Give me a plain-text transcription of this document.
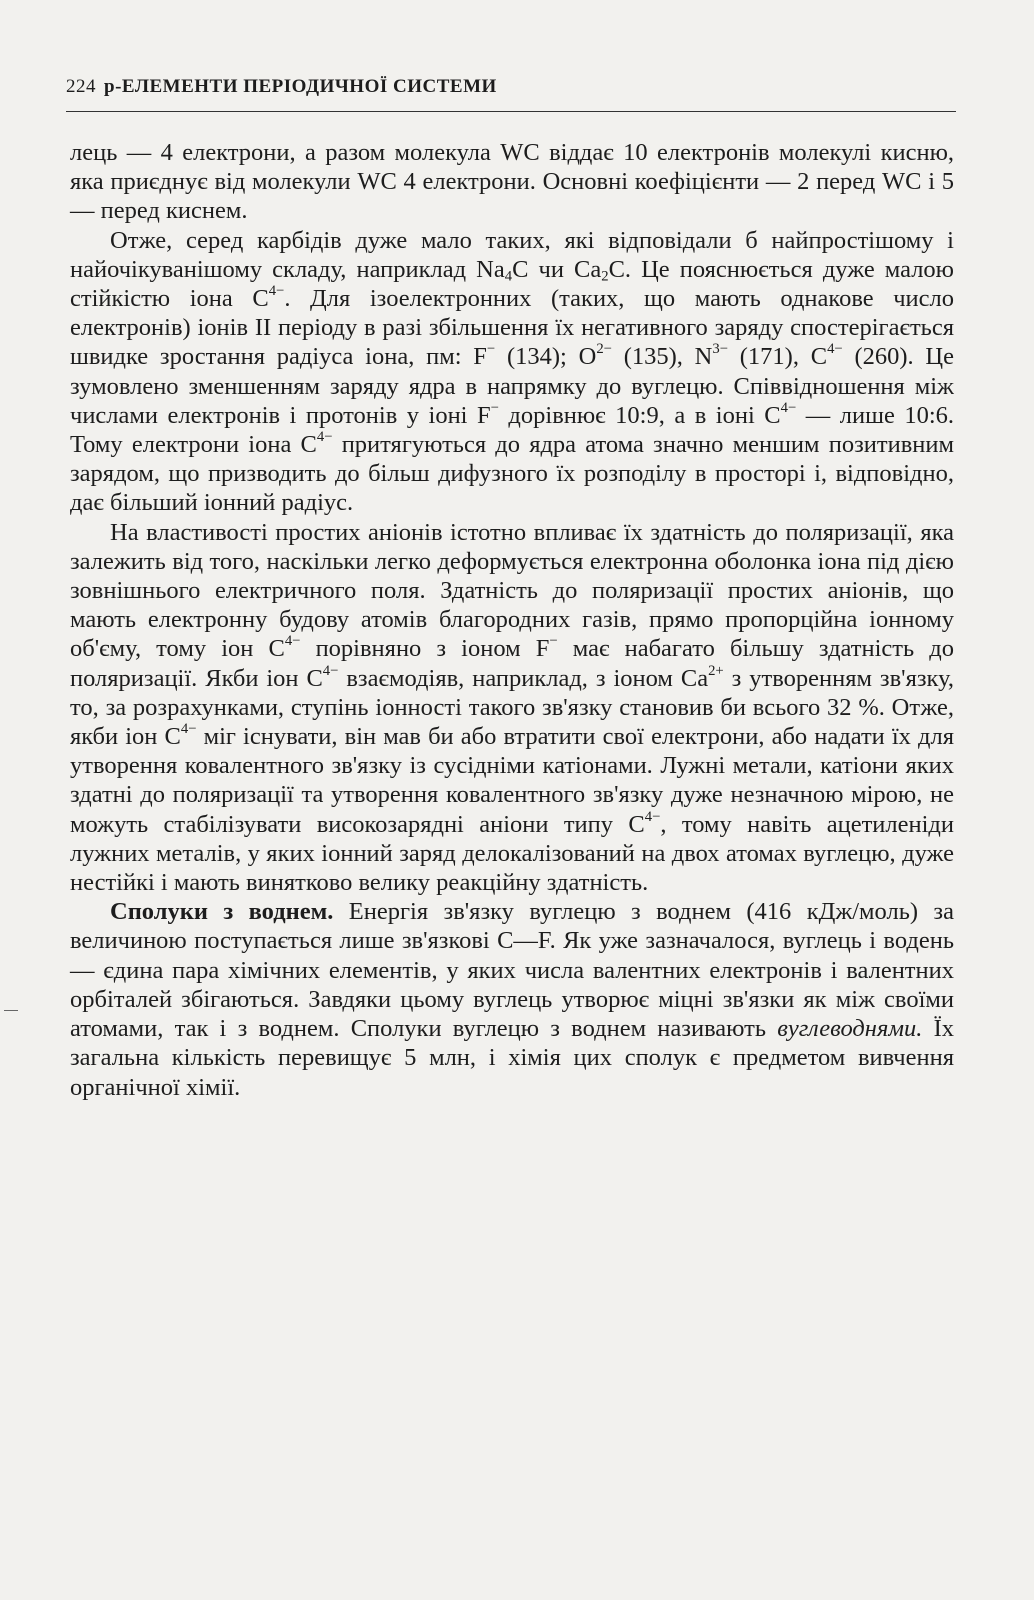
224 р-ЕЛЕМЕНТИ ПЕРІОДИЧНОЇ СИСТЕМИ

лець — 4 електрони, а разом молекула WC віддає 10 електронів молекулі кисню, яка приєднує від молекули WC 4 електрони. Основні коефіцієнти — 2 перед WC і 5 — перед киснем.

Отже, серед карбідів дуже мало таких, які відповідали б найпростішому і найочікуванішому складу, наприклад $Na_4C$ чи $Ca_2C$. Це пояснюється дуже малою стійкістю іона $C^{4-}$. Для ізоелектронних (таких, що мають однакове число електронів) іонів II періоду в разі збільшення їх негативного заряду спостерігається швидке зростання радіуса іона, пм: F− (134); $O^{2-}$ (135), $N^{3-}$ (171), $C^{4-}$ (260). Це зумовлено зменшенням заряду ядра в напрямку до вуглецю. Співвідношення між числами електронів і протонів у іоні F− дорівнює 10:9, а в іоні $C^{4-}$ — лише 10:6. Тому електрони іона $C^{4-}$ притягуються до ядра атома значно меншим позитивним зарядом, що призводить до більш дифузного їх розподілу в просторі і, відповідно, дає більший іонний радіус.

На властивості простих аніонів істотно впливає їх здатність до поляризації, яка залежить від того, наскільки легко деформується електронна оболонка іона під дією зовнішнього електричного поля. Здатність до поляризації простих аніонів, що мають електронну будову атомів благородних газів, прямо пропорційна іонному об'єму, тому іон $C^{4-}$ порівняно з іоном F− має набагато більшу здатність до поляризації. Якби іон $C^{4-}$ взаємодіяв, наприклад, з іоном $Ca^{2+}$ з утворенням зв'язку, то, за розрахунками, ступінь іонності такого зв'язку становив би всього 32 %. Отже, якби іон $C^{4-}$ міг існувати, він мав би або втратити свої електрони, або надати їх для утворення ковалентного зв'язку із сусідніми катіонами. Лужні метали, катіони яких здатні до поляризації та утворення ковалентного зв'язку дуже незначною мірою, не можуть стабілізувати високозарядні аніони типу $C^{4-}$, тому навіть ацетиленіди лужних металів, у яких іонний заряд делокалізований на двох атомах вуглецю, дуже нестійкі і мають винятково велику реакційну здатність.

Сполуки з воднем. Енергія зв'язку вуглецю з воднем (416 кДж/моль) за величиною поступається лише зв'язкові C—F. Як уже зазначалося, вуглець і водень — єдина пара хімічних елементів, у яких числа валентних електронів і валентних орбіталей збігаються. Завдяки цьому вуглець утворює міцні зв'язки як між своїми атомами, так і з воднем. Сполуки вуглецю з воднем називають вуглеводнями. Їх загальна кількість перевищує 5 млн, і хімія цих сполук є предметом вивчення органічної хімії.
